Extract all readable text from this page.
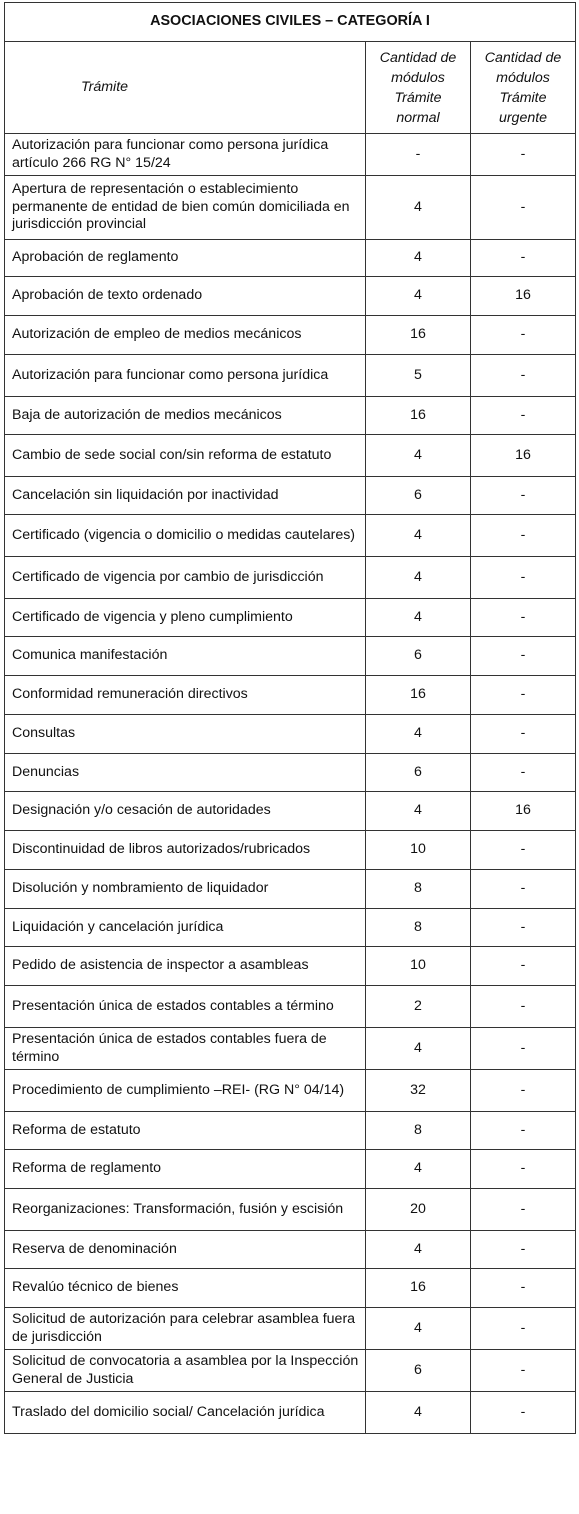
ASOCIACIONES CIVILES – CATEGORÍA I		
Trámite	Cantidad de módulos Trámite normal	Cantidad de módulos Trámite urgente
Autorización para funcionar como persona jurídica artículo 266 RG N° 15/24	-	-
Apertura de representación o establecimiento permanente de entidad de bien común domiciliada en jurisdicción provincial	4	-
Aprobación de reglamento	4	-
Aprobación de texto ordenado	4	16
Autorización de empleo de medios mecánicos	16	-
Autorización para funcionar como persona jurídica	5	-
Baja de autorización de medios mecánicos	16	-
Cambio de sede social con/sin reforma de estatuto	4	16
Cancelación sin liquidación por inactividad	6	-
Certificado (vigencia o domicilio o medidas cautelares)	4	-
Certificado de vigencia por cambio de jurisdicción	4	-
Certificado de vigencia y pleno cumplimiento	4	-
Comunica manifestación	6	-
Conformidad remuneración directivos	16	-
Consultas	4	-
Denuncias	6	-
Designación y/o cesación de autoridades	4	16
Discontinuidad de libros autorizados/rubricados	10	-
Disolución y nombramiento de liquidador	8	-
Liquidación y cancelación jurídica	8	-
Pedido de asistencia de inspector a asambleas	10	-
Presentación única de estados contables a término	2	-
Presentación única de estados contables fuera de término	4	-
Procedimiento de cumplimiento –REI- (RG N° 04/14)	32	-
Reforma de estatuto	8	-
Reforma de reglamento	4	-
Reorganizaciones: Transformación, fusión y escisión	20	-
Reserva de denominación	4	-
Revalúo técnico de bienes	16	-
Solicitud de autorización para celebrar asamblea fuera de jurisdicción	4	-
Solicitud de convocatoria a asamblea por la Inspección General de Justicia	6	-
Traslado del domicilio social/ Cancelación jurídica	4	-
